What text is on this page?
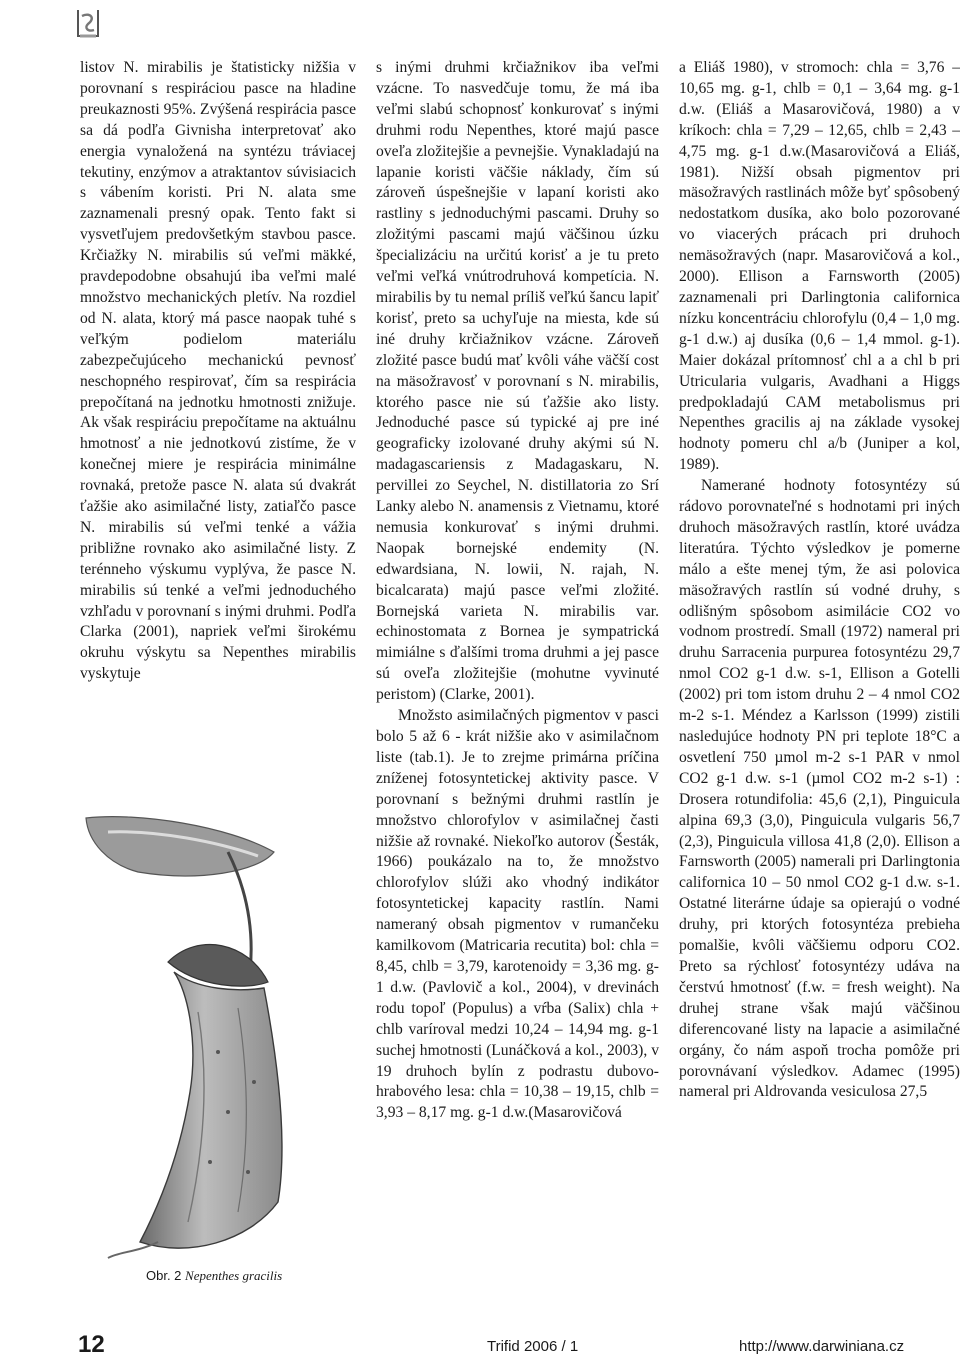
listov N. mirabilis je štatisticky nižšia v porovnaní s respiráciou pasce na hladine preukaznosti 95%. Zvýšená respirácia pasce sa dá podľa Givnisha interpretovať ako energia vynaložená na syntézu tráviacej tekutiny, enzýmov a atraktantov súvisiacich s vábením koristi. Pri N. alata sme zaznamenali presný opak. Tento fakt si vysvetľujem predovšetkým stavbou pasce. Krčiažky N. mirabilis sú veľmi mäkké, pravdepodobne obsahujú iba veľmi malé množstvo mechanických pletív. Na rozdiel od N. alata, ktorý má pasce naopak tuhé s veľkým podielom materiálu zabezpečujúceho mechanickú pevnosť neschopného respirovať, čím sa respirácia prepočítaná na jednotku hmotnosti znižuje. Ak však respiráciu prepočítame na aktuálnu hmotnosť a nie jednotkovú zistíme, že v konečnej miere je respirácia minimálne rovnaká, pretože pasce N. alata sú dvakrát ťažšie ako asimilačné listy, zatiaľčo pasce N. mirabilis sú veľmi tenké a vážia približne rovnako ako asimilačné listy. Z terénneho výskumu vyplýva, že pasce N. mirabilis sú tenké a veľmi jednoduchého vzhľadu v porovnaní s inými druhmi. Podľa Clarka (2001), napriek veľmi širokému okruhu výskytu sa Nepenthes mirabilis vyskytuje

s inými druhmi krčiažnikov iba veľmi vzácne. To nasvedčuje tomu, že má iba veľmi slabú schopnosť konkurovať s inými druhmi rodu Nepenthes, ktoré majú pasce oveľa zložitejšie a pevnejšie. Vynakladajú na lapanie koristi väčšie náklady, čím sú zároveň úspešnejšie v lapaní koristi ako rastliny s jednoduchými pascami. Druhy so zložitými pascami majú väčšinou úzku špecializáciu na určitú korisť a je tu preto veľmi veľká vnútrodruhová kompetícia. N. mirabilis by tu nemal príliš veľkú šancu lapiť korisť, preto sa uchyľuje na miesta, kde sú iné druhy krčiažnikov vzácne. Zároveň zložité pasce budú mať kvôli váhe väčší cost na mäsožravosť v porovnaní s N. mirabilis, ktorého pasce nie sú ťažšie ako listy. Jednoduché pasce sú typické aj pre iné geograficky izolované druhy akými sú N. madagascariensis z Madagaskaru, N. pervillei zo Seychel, N. distillatoria zo Srí Lanky alebo N. anamensis z Vietnamu, ktoré nemusia konkurovať s inými druhmi. Naopak bornejské endemity (N. edwardsiana, N. lowii, N. rajah, N. bicalcarata) majú pasce veľmi zložité. Bornejská varieta N. mirabilis var. echinostomata z Bornea je sympatrická mimiálne s ďalšími troma druhmi a jej pasce sú oveľa zložitejšie (mohutne vyvinuté peristom) (Clarke, 2001).

Množsto asimilačných pigmentov v pasci bolo 5 až 6 - krát nižšie ako v asimilačnom liste (tab.1). Je to zrejme primárna príčina zníženej fotosyntetickej aktivity pasce. V porovnaní s bežnými druhmi rastlín je množstvo chlorofylov v asimilačnej časti nižšie až rovnaké. Niekoľko autorov (Šesták, 1966) poukázalo na to, že množstvo chlorofylov slúži ako vhodný indikátor fotosyntetickej kapacity rastlín. Nami nameraný obsah pigmentov v rumančeku kamilkovom (Matricaria recutita) bol: chla = 8,45, chlb = 3,79, karotenoidy = 3,36 mg. g-1 d.w. (Pavlovič a kol., 2004), v drevinách rodu topoľ (Populus) a vŕba (Salix) chla + chlb varíroval medzi 10,24 – 14,94 mg. g-1 suchej hmotnosti (Lunáčková a kol., 2003), v 19 druhoch bylín z podrastu dubovo-hrabového lesa: chla = 10,38 – 19,15, chlb = 3,93 – 8,17 mg. g-1 d.w.(Masarovičová

a Eliáš 1980), v stromoch: chla = 3,76 – 10,65 mg. g-1, chlb = 0,1 – 3,64 mg. g-1 d.w. (Eliáš a Masarovičová, 1980) a v kríkoch: chla = 7,29 – 12,65, chlb = 2,43 – 4,75 mg. g-1 d.w.(Masarovičová a Eliáš, 1981). Nižší obsah pigmentov pri mäsožravých rastlinách môže byť spôsobený nedostatkom dusíka, ako bolo pozorované vo viacerých prácach pri druhoch nemäsožravých (napr. Masarovičová a kol., 2000). Ellison a Farnsworth (2005) zaznamenali pri Darlingtonia californica nízku koncentráciu chlorofylu (0,4 – 1,0 mg. g-1 d.w.) aj dusíka (0,6 – 1,4 mmol. g-1). Maier dokázal prítomnosť chl a a chl b pri Utricularia vulgaris, Avadhani a Higgs predpokladajú CAM metabolismus pri Nepenthes gracilis aj na základe vysokej hodnoty pomeru chl a/b (Juniper a kol, 1989).

Namerané hodnoty fotosyntézy sú rádovo porovnateľné s hodnotami pri iných druhoch mäsožravých rastlín, ktoré uvádza literatúra. Týchto výsledkov je pomerne málo a ešte menej tým, že asi polovica mäsožravých rastlín sú vodné druhy, s odlišným spôsobom asimilácie CO2 vo vodnom prostredí. Small (1972) nameral pri druhu Sarracenia purpurea fotosyntézu 29,7 nmol CO2 g-1 d.w. s-1, Ellison a Gotelli (2002) pri tom istom druhu 2 – 4 nmol CO2 m-2 s-1. Méndez a Karlsson (1999) zistili nasledujúce hodnoty PN pri teplote 18°C a osvetlení 750 µmol m-2 s-1 PAR v nmol CO2 g-1 d.w. s-1 (µmol CO2 m-2 s-1) : Drosera rotundifolia: 45,6 (2,1), Pinguicula alpina 69,3 (3,0), Pinguicula vulgaris 56,7 (2,3), Pinguicula villosa 41,8 (2,0). Ellison a Farnsworth (2005) namerali pri Darlingtonia californica 10 – 50 nmol CO2 g-1 d.w. s-1. Ostatné literárne údaje sa opierajú o vodné druhy, pri ktorých fotosyntéza prebieha pomalšie, kvôli väčšiemu odporu CO2. Preto sa rýchlosť fotosyntézy udáva na čerstvú hmotnosť (f.w. = fresh weight). Na druhej strane však majú väčšinou diferencované listy na lapacie a asimilačné orgány, čo nám aspoň trocha pomôže pri porovnávaní výsledkov. Adamec (1995) nameral pri Aldrovanda vesiculosa 27,5

Obr. 2 Nepenthes gracilis
12	Trifid 2006 / 1	http://www.darwiniana.cz
